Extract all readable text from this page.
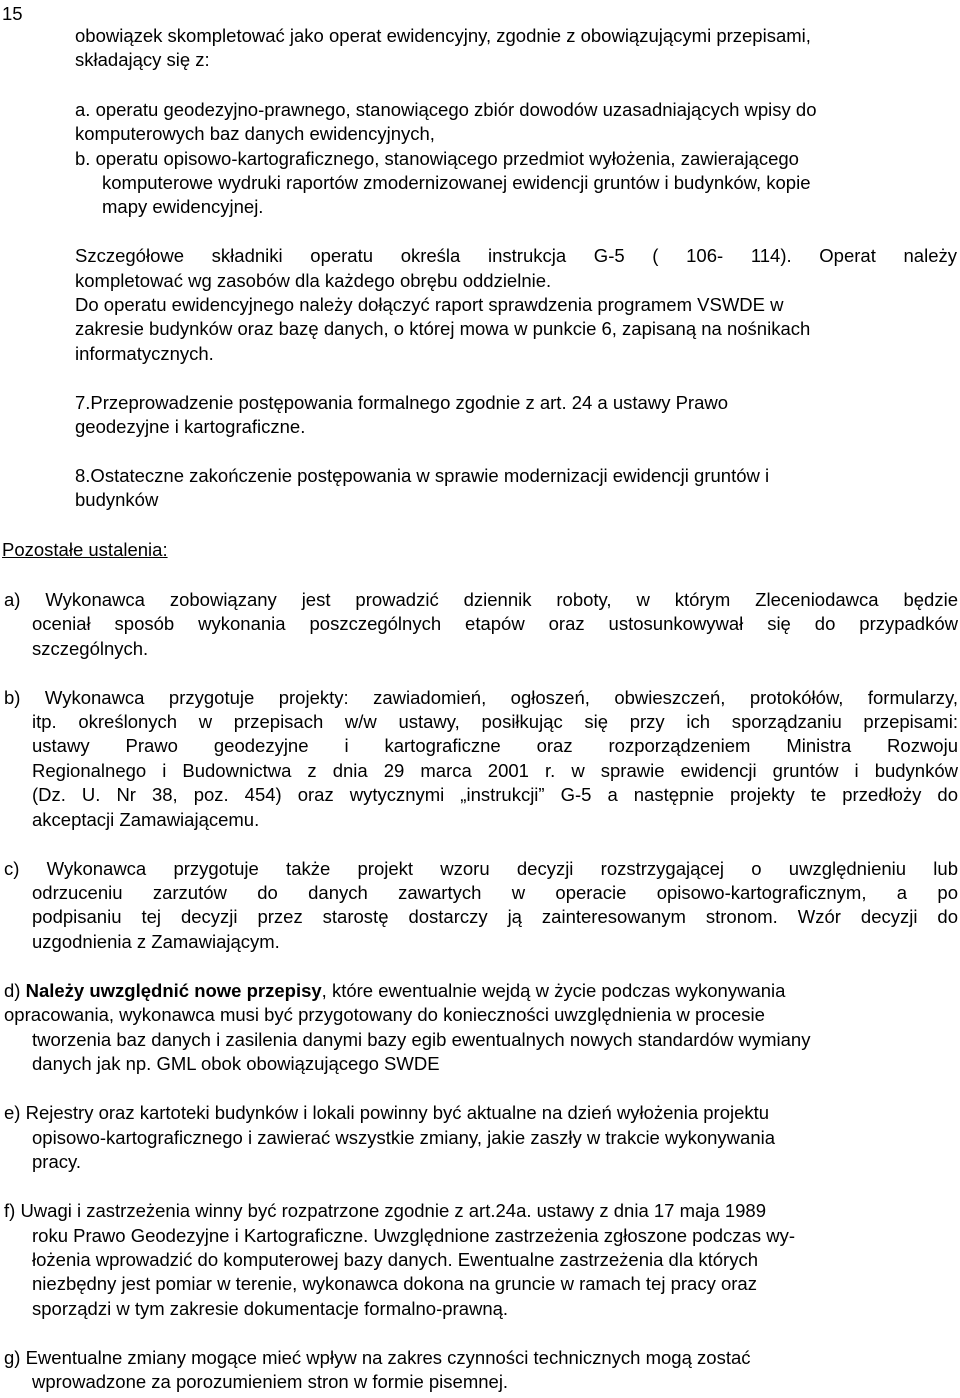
15
obowiązek skompletować jako operat ewidencyjny, zgodnie z obowiązującymi przepisami,
składający się z:
a. operatu geodezyjno-prawnego, stanowiącego zbiór dowodów uzasadniających wpisy do
komputerowych baz danych ewidencyjnych,
b. operatu opisowo-kartograficznego, stanowiącego przedmiot wyłożenia, zawierającego
komputerowe wydruki raportów zmodernizowanej ewidencji gruntów i budynków, kopie
mapy ewidencyjnej.
Szczegółowe składniki operatu określa instrukcja G-5 ( 106- 114). Operat należy
kompletować wg zasobów dla każdego obrębu oddzielnie.
Do operatu ewidencyjnego należy dołączyć raport sprawdzenia programem VSWDE w
zakresie budynków oraz bazę danych, o której mowa w punkcie 6, zapisaną na nośnikach
informatycznych.
7.Przeprowadzenie postępowania formalnego zgodnie z art. 24 a ustawy Prawo
geodezyjne i kartograficzne.
8.Ostateczne zakończenie postępowania w sprawie modernizacji ewidencji gruntów i
budynków
Pozostałe ustalenia:
a) Wykonawca zobowiązany jest prowadzić dziennik roboty, w którym Zleceniodawca będzie
oceniał sposób wykonania poszczególnych etapów oraz ustosunkowywał się do przypadków
szczególnych.
b) Wykonawca przygotuje projekty: zawiadomień, ogłoszeń, obwieszczeń, protokółów, formularzy,
itp. określonych w przepisach w/w ustawy, posiłkując się przy ich sporządzaniu przepisami:
ustawy Prawo geodezyjne i kartograficzne oraz rozporządzeniem Ministra Rozwoju
Regionalnego i Budownictwa z dnia 29 marca 2001 r. w sprawie ewidencji gruntów i budynków
(Dz. U. Nr 38, poz. 454) oraz wytycznymi „instrukcji” G-5 a następnie projekty te przedłoży do
akceptacji Zamawiającemu.
c) Wykonawca przygotuje także projekt wzoru decyzji rozstrzygającej o uwzględnieniu lub
odrzuceniu zarzutów do danych zawartych w operacie opisowo-kartograficznym, a po
podpisaniu tej decyzji przez starostę dostarczy ją zainteresowanym stronom. Wzór decyzji do
uzgodnienia z Zamawiającym.
d) Należy uwzględnić nowe przepisy, które ewentualnie wejdą w życie podczas wykonywania
opracowania, wykonawca musi być przygotowany do konieczności uwzględnienia w procesie
tworzenia baz danych i zasilenia danymi bazy egib ewentualnych nowych standardów wymiany
danych jak np. GML obok obowiązującego SWDE
e) Rejestry oraz kartoteki budynków i lokali powinny być aktualne na dzień wyłożenia projektu
opisowo-kartograficznego i zawierać wszystkie zmiany, jakie zaszły w trakcie wykonywania
pracy.
f) Uwagi i zastrzeżenia winny być rozpatrzone zgodnie z art.24a. ustawy z dnia 17 maja 1989
roku Prawo Geodezyjne i Kartograficzne. Uwzględnione zastrzeżenia zgłoszone podczas wy-
łożenia wprowadzić do komputerowej bazy danych. Ewentualne zastrzeżenia dla których
niezbędny jest pomiar w terenie, wykonawca dokona na gruncie w ramach tej pracy oraz
sporządzi w tym zakresie dokumentacje formalno-prawną.
g) Ewentualne zmiany mogące mieć wpływ na zakres czynności technicznych mogą zostać
wprowadzone za porozumieniem stron w formie pisemnej.
